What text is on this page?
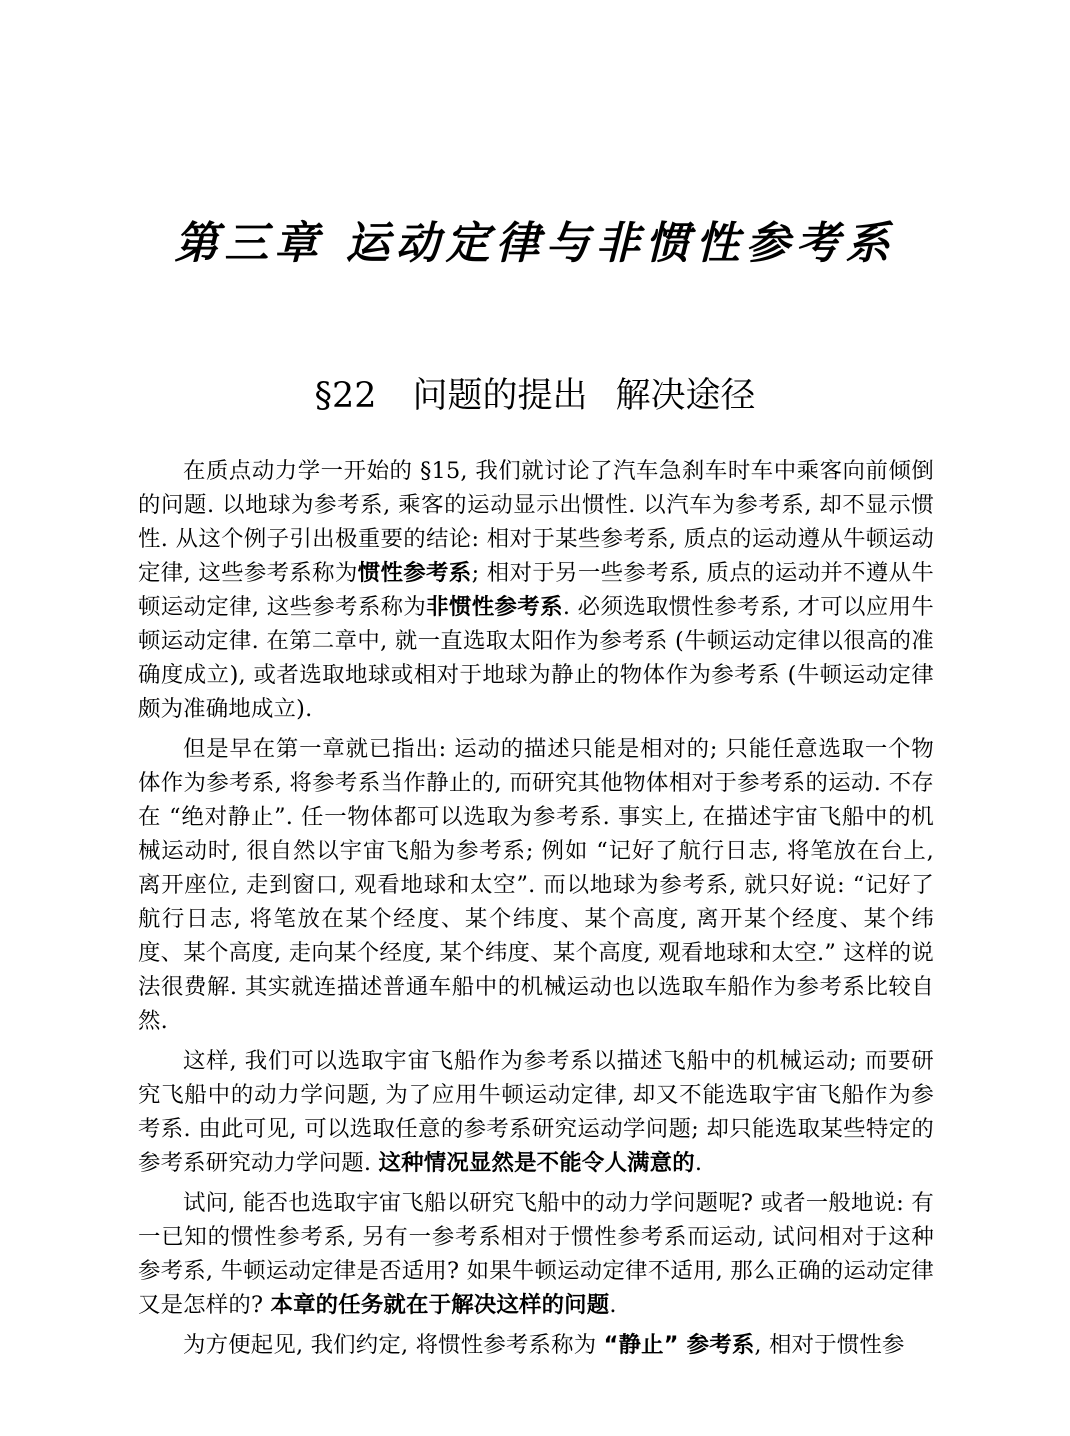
第三章 运动定律与非惯性参考系
§22 问题的提出 解决途径

在质点动力学一开始的 §15, 我们就讨论了汽车急刹车时车中乘客向前倾倒的问题. 以地球为参考系, 乘客的运动显示出惯性. 以汽车为参考系, 却不显示惯性. 从这个例子引出极重要的结论: 相对于某些参考系, 质点的运动遵从牛顿运动定律, 这些参考系称为惯性参考系; 相对于另一些参考系, 质点的运动并不遵从牛顿运动定律, 这些参考系称为非惯性参考系. 必须选取惯性参考系, 才可以应用牛顿运动定律. 在第二章中, 就一直选取太阳作为参考系 (牛顿运动定律以很高的准确度成立), 或者选取地球或相对于地球为静止的物体作为参考系 (牛顿运动定律颇为准确地成立).

但是早在第一章就已指出: 运动的描述只能是相对的; 只能任意选取一个物体作为参考系, 将参考系当作静止的, 而研究其他物体相对于参考系的运动. 不存在 “绝对静止”. 任一物体都可以选取为参考系. 事实上, 在描述宇宙飞船中的机械运动时, 很自然以宇宙飞船为参考系; 例如 “记好了航行日志, 将笔放在台上, 离开座位, 走到窗口, 观看地球和太空”. 而以地球为参考系, 就只好说: “记好了航行日志, 将笔放在某个经度、某个纬度、某个高度, 离开某个经度、某个纬度、某个高度, 走向某个经度, 某个纬度、某个高度, 观看地球和太空.” 这样的说法很费解. 其实就连描述普通车船中的机械运动也以选取车船作为参考系比较自然.

这样, 我们可以选取宇宙飞船作为参考系以描述飞船中的机械运动; 而要研究飞船中的动力学问题, 为了应用牛顿运动定律, 却又不能选取宇宙飞船作为参考系. 由此可见, 可以选取任意的参考系研究运动学问题; 却只能选取某些特定的参考系研究动力学问题. 这种情况显然是不能令人满意的.

试问, 能否也选取宇宙飞船以研究飞船中的动力学问题呢? 或者一般地说: 有一已知的惯性参考系, 另有一参考系相对于惯性参考系而运动, 试问相对于这种参考系, 牛顿运动定律是否适用? 如果牛顿运动定律不适用, 那么正确的运动定律又是怎样的? 本章的任务就在于解决这样的问题.

为方便起见, 我们约定, 将惯性参考系称为 “静止” 参考系, 相对于惯性参
